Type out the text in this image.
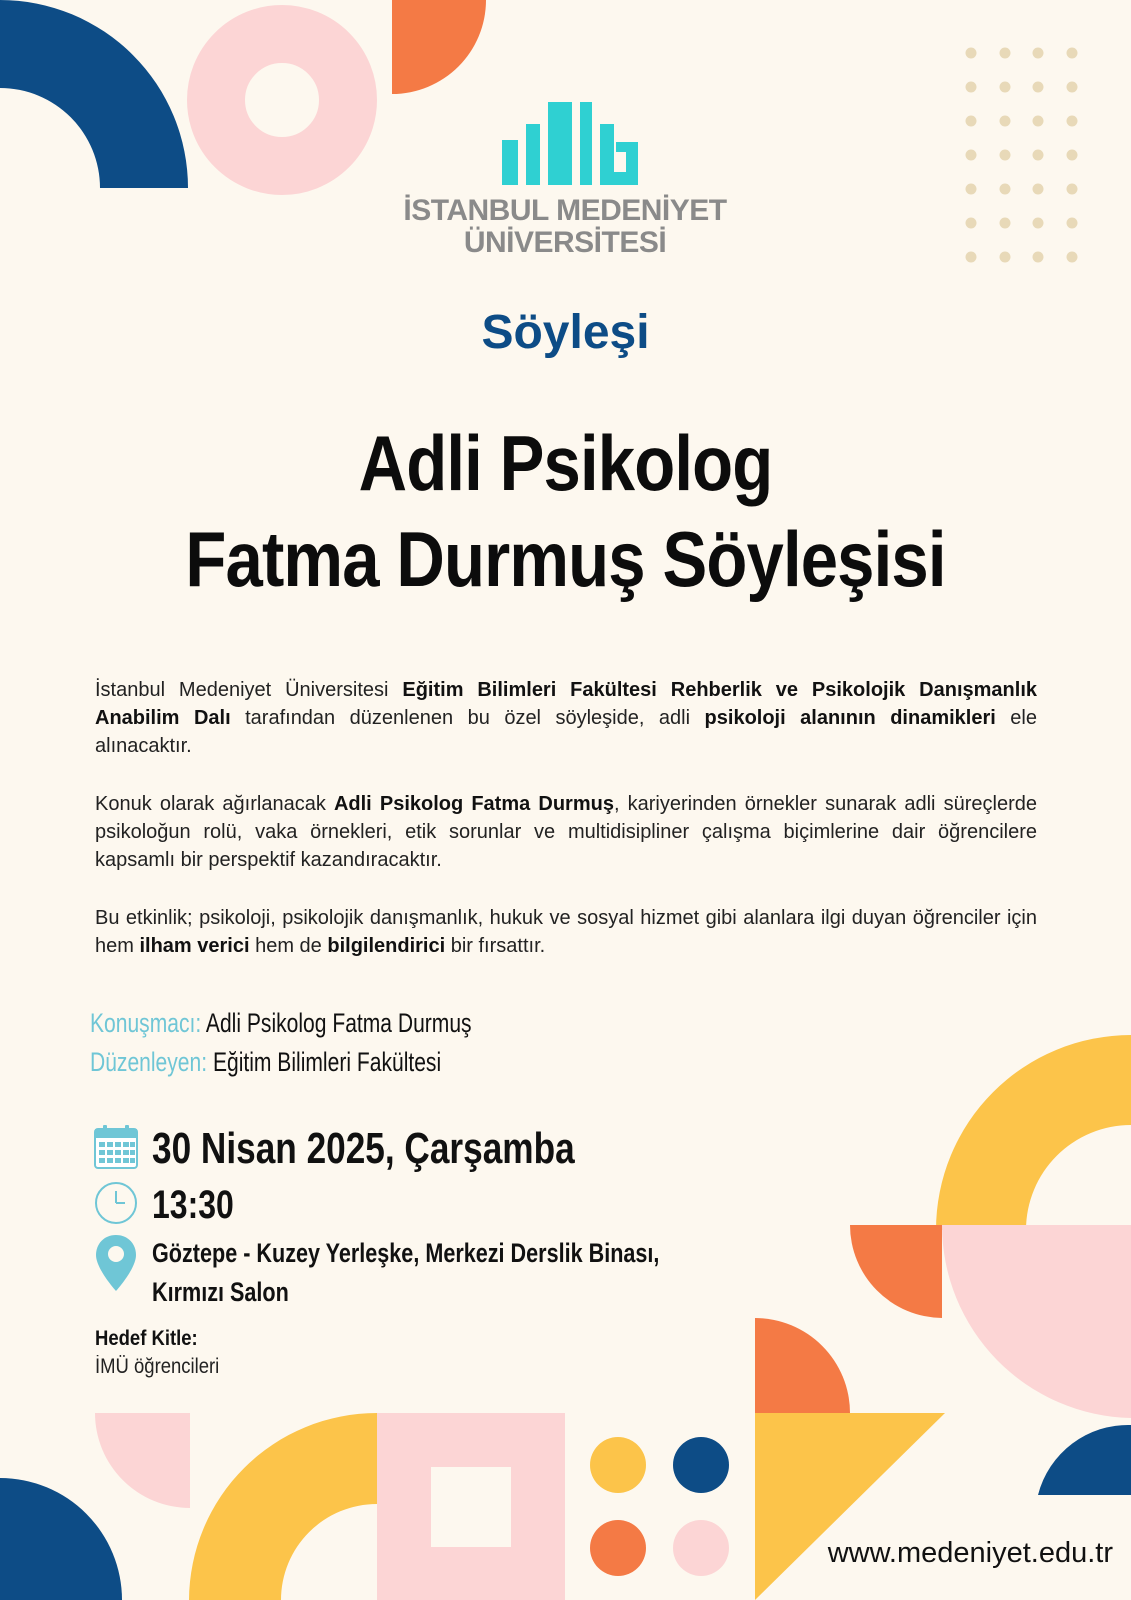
İSTANBUL MEDENİYET
ÜNİVERSİTESİ
Söyleşi
Adli Psikolog
Fatma Durmuş Söyleşisi
İstanbul Medeniyet Üniversitesi Eğitim Bilimleri Fakültesi Rehberlik ve Psikolojik Danışmanlık Anabilim Dalı tarafından düzenlenen bu özel söyleşide, adli psikoloji alanının dinamikleri ele alınacaktır.
Konuk olarak ağırlanacak Adli Psikolog Fatma Durmuş, kariyerinden örnekler sunarak adli süreçlerde psikoloğun rolü, vaka örnekleri, etik sorunlar ve multidisipliner çalışma biçimlerine dair öğrencilere kapsamlı bir perspektif kazandıracaktır.
Bu etkinlik; psikoloji, psikolojik danışmanlık, hukuk ve sosyal hizmet gibi alanlara ilgi duyan öğrenciler için hem ilham verici hem de bilgilendirici bir fırsattır.
Konuşmacı: Adli Psikolog Fatma Durmuş
Düzenleyen: Eğitim Bilimleri Fakültesi
30 Nisan 2025, Çarşamba
13:30
Göztepe - Kuzey Yerleşke, Merkezi Derslik Binası,
Kırmızı Salon
Hedef Kitle:
İMÜ öğrencileri
www.medeniyet.edu.tr
